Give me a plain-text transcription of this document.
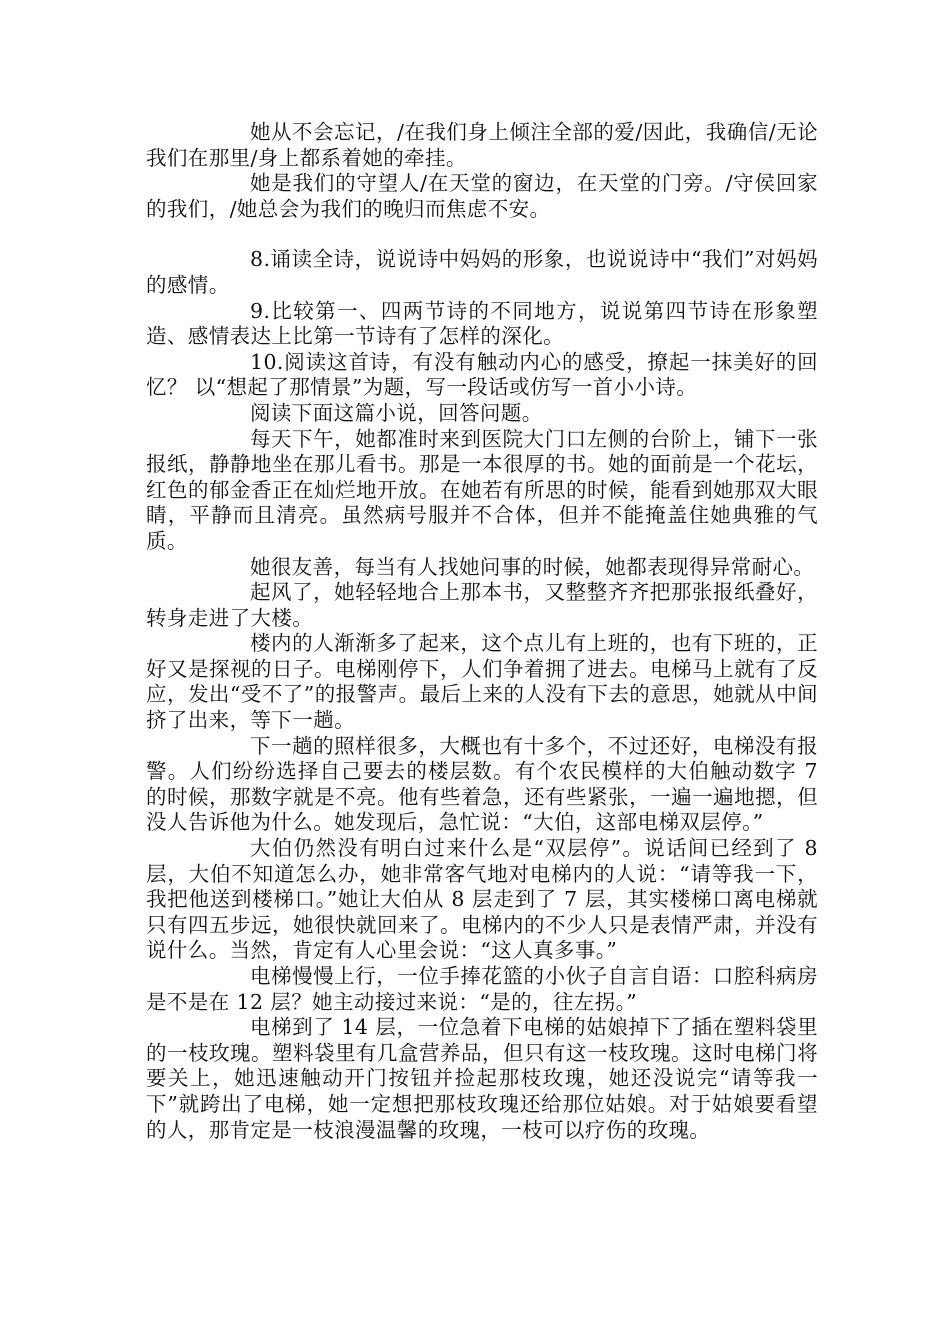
她从不会忘记，/在我们身上倾注全部的爱/因此，我确信/无论我们在那里/身上都系着她的牵挂。

她是我们的守望人/在天堂的窗边，在天堂的门旁。/守侯回家的我们，/她总会为我们的晚归而焦虑不安。

8.诵读全诗，说说诗中妈妈的形象，也说说诗中“我们”对妈妈的感情。

9.比较第一、四两节诗的不同地方，说说第四节诗在形象塑造、感情表达上比第一节诗有了怎样的深化。

10.阅读这首诗，有没有触动内心的感受，撩起一抹美好的回忆？ 以“想起了那情景”为题，写一段话或仿写一首小小诗。

阅读下面这篇小说，回答问题。

每天下午，她都准时来到医院大门口左侧的台阶上，铺下一张报纸，静静地坐在那儿看书。那是一本很厚的书。她的面前是一个花坛，红色的郁金香正在灿烂地开放。在她若有所思的时候，能看到她那双大眼睛，平静而且清亮。虽然病号服并不合体，但并不能掩盖住她典雅的气质。

她很友善，每当有人找她问事的时候，她都表现得异常耐心。

起风了，她轻轻地合上那本书，又整整齐齐把那张报纸叠好，转身走进了大楼。

楼内的人渐渐多了起来，这个点儿有上班的，也有下班的，正好又是探视的日子。电梯刚停下，人们争着拥了进去。电梯马上就有了反应，发出“受不了”的报警声。最后上来的人没有下去的意思，她就从中间挤了出来，等下一趟。

下一趟的照样很多，大概也有十多个，不过还好，电梯没有报警。人们纷纷选择自己要去的楼层数。有个农民模样的大伯触动数字 7 的时候，那数字就是不亮。他有些着急，还有些紧张，一遍一遍地摁，但没人告诉他为什么。她发现后，急忙说：“大伯，这部电梯双层停。”

大伯仍然没有明白过来什么是“双层停”。说话间已经到了 8 层，大伯不知道怎么办，她非常客气地对电梯内的人说：“请等我一下，我把他送到楼梯口。”她让大伯从 8 层走到了 7 层，其实楼梯口离电梯就只有四五步远，她很快就回来了。电梯内的不少人只是表情严肃，并没有说什么。当然，肯定有人心里会说：“这人真多事。”

电梯慢慢上行，一位手捧花篮的小伙子自言自语：口腔科病房是不是在 12 层？她主动接过来说：“是的，往左拐。”

电梯到了 14 层，一位急着下电梯的姑娘掉下了插在塑料袋里的一枝玫瑰。塑料袋里有几盒营养品，但只有这一枝玫瑰。这时电梯门将要关上，她迅速触动开门按钮并捡起那枝玫瑰，她还没说完“请等我一下”就跨出了电梯，她一定想把那枝玫瑰还给那位姑娘。对于姑娘要看望的人，那肯定是一枝浪漫温馨的玫瑰，一枝可以疗伤的玫瑰。
